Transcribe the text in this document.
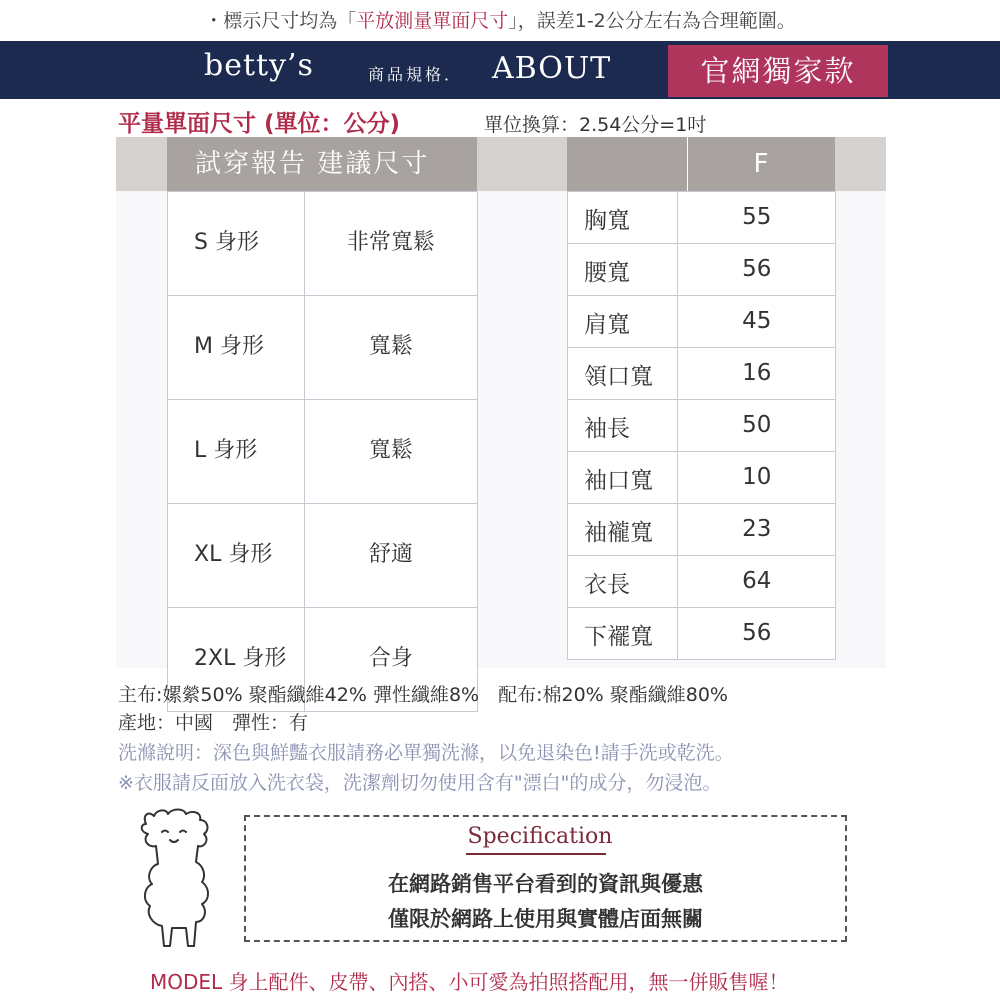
・標示尺寸均為「平放測量單面尺寸」，誤差1-2公分左右為合理範圍。
betty’s	商品規格． ABOUT	官網獨家款
平量單面尺寸 (單位：公分)	單位換算：2.54公分=1吋
試穿報告 建議尺寸	F
S 身形	非常寬鬆
M 身形	寬鬆
L 身形	寬鬆
XL 身形	舒適
2XL 身形	合身
胸寬	55
腰寬	56
肩寬	45
領口寬	16
袖長	50
袖口寬	10
袖襱寬	23
衣長	64
下襬寬	56
主布:嫘縈50% 聚酯纖維42% 彈性纖維8%　配布:棉20% 聚酯纖維80%
產地：中國　彈性：有
洗滌說明：深色與鮮豔衣服請務必單獨洗滌，以免退染色!請手洗或乾洗。
※衣服請反面放入洗衣袋，洗潔劑切勿使用含有"漂白"的成分，勿浸泡。
Specification
在網路銷售平台看到的資訊與優惠
僅限於網路上使用與實體店面無關
MODEL 身上配件、皮帶、內搭、小可愛為拍照搭配用，無一併販售喔！
